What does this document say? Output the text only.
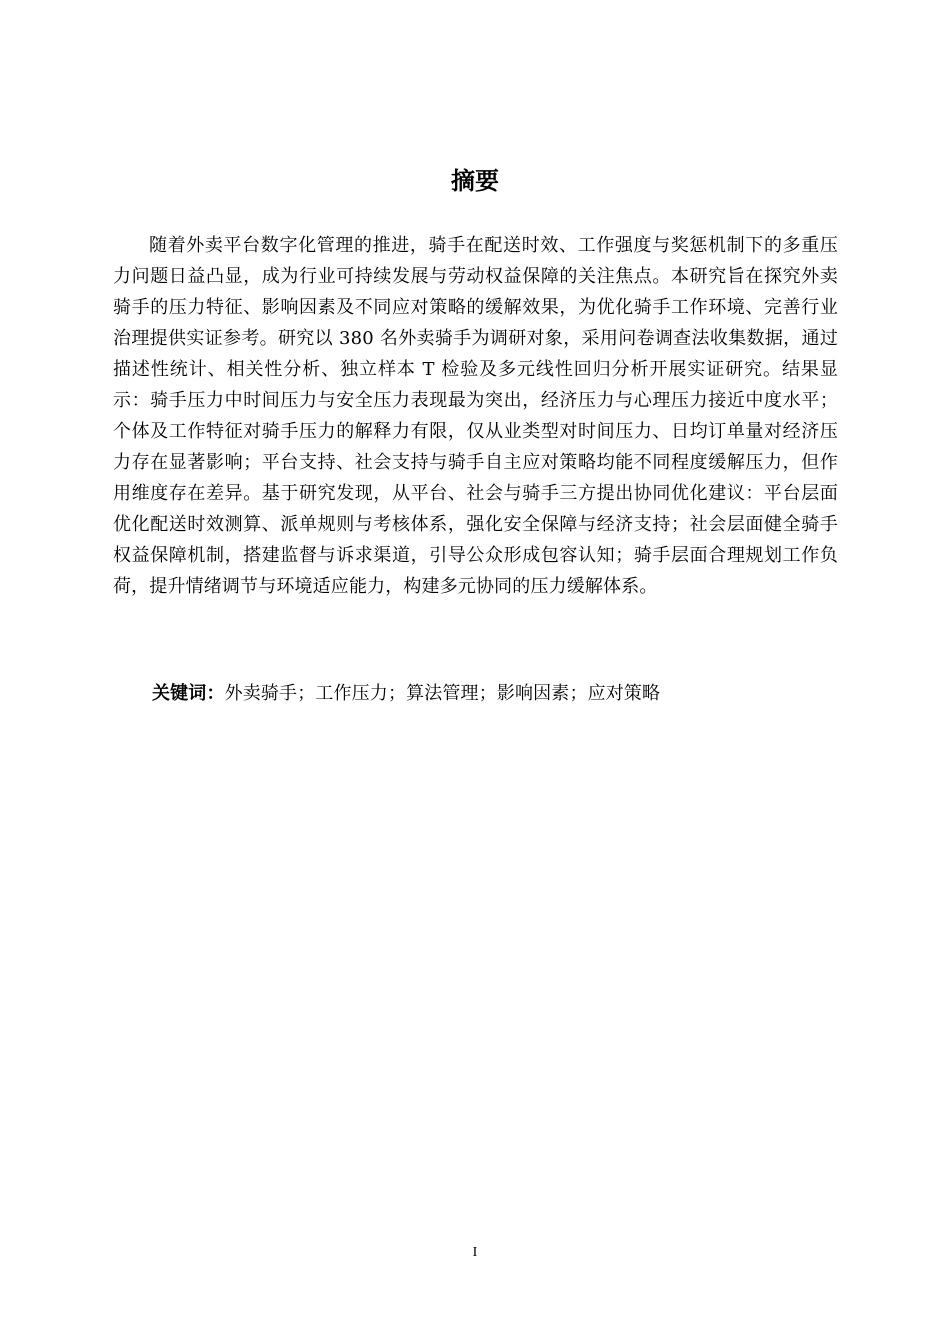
摘要

随着外卖平台数字化管理的推进，骑手在配送时效、工作强度与奖惩机制下的多重压力问题日益凸显，成为行业可持续发展与劳动权益保障的关注焦点。本研究旨在探究外卖骑手的压力特征、影响因素及不同应对策略的缓解效果，为优化骑手工作环境、完善行业治理提供实证参考。研究以 380 名外卖骑手为调研对象，采用问卷调查法收集数据，通过描述性统计、相关性分析、独立样本 T 检验及多元线性回归分析开展实证研究。结果显示：骑手压力中时间压力与安全压力表现最为突出，经济压力与心理压力接近中度水平；个体及工作特征对骑手压力的解释力有限，仅从业类型对时间压力、日均订单量对经济压力存在显著影响；平台支持、社会支持与骑手自主应对策略均能不同程度缓解压力，但作用维度存在差异。基于研究发现，从平台、社会与骑手三方提出协同优化建议：平台层面优化配送时效测算、派单规则与考核体系，强化安全保障与经济支持；社会层面健全骑手权益保障机制，搭建监督与诉求渠道，引导公众形成包容认知；骑手层面合理规划工作负荷，提升情绪调节与环境适应能力，构建多元协同的压力缓解体系。

关键词：外卖骑手；工作压力；算法管理；影响因素；应对策略
I
